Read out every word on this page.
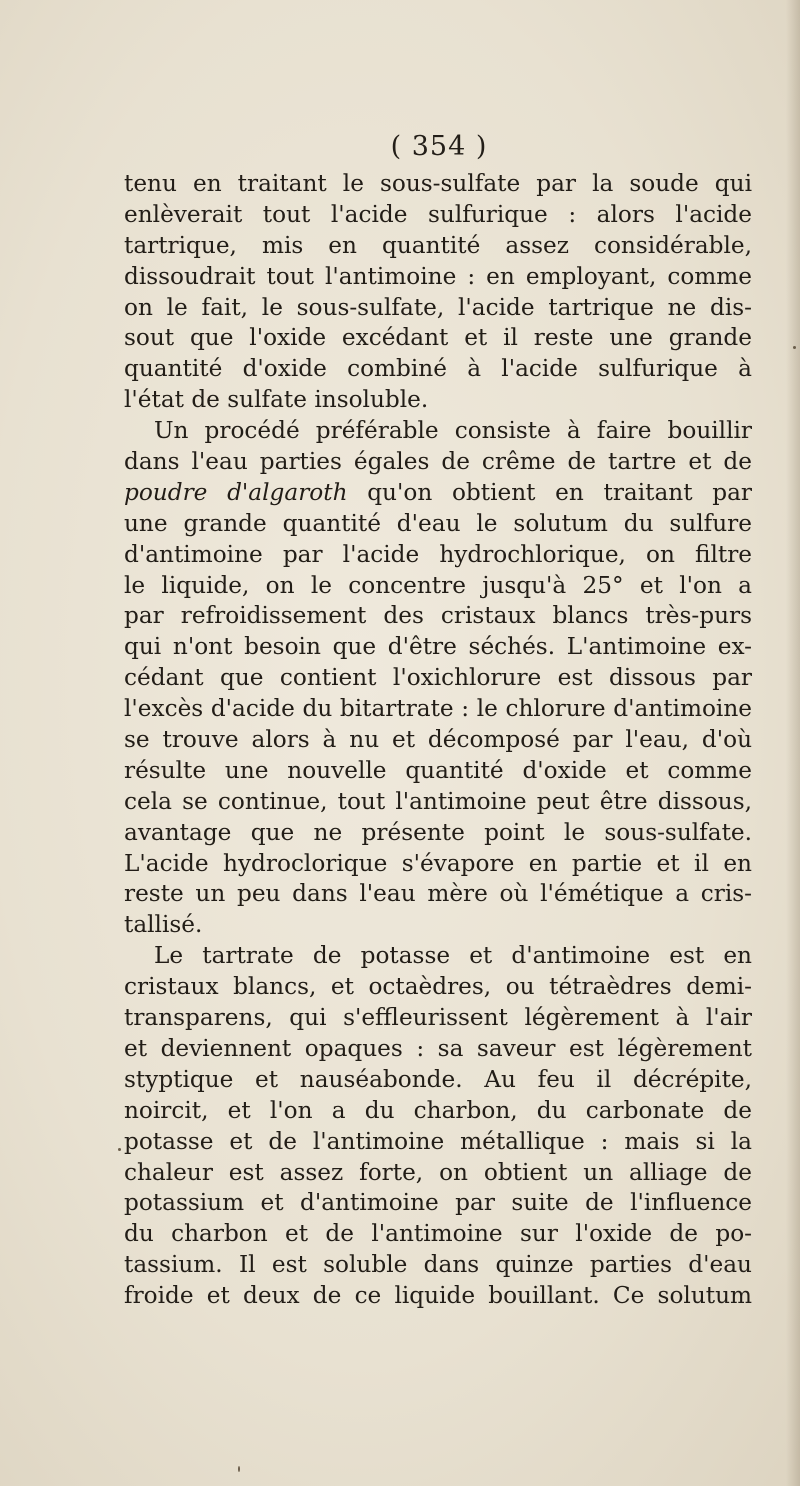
( 354 )
tenu en traitant le sous-sulfate par la soude qui
enlèverait tout l'acide sulfurique : alors l'acide
tartrique, mis en quantité assez considérable,
dissoudrait tout l'antimoine : en employant, comme
on le fait, le sous-sulfate, l'acide tartrique ne dis-
sout que l'oxide excédant et il reste une grande
quantité d'oxide combiné à l'acide sulfurique à
l'état de sulfate insoluble.
Un procédé préférable consiste à faire bouillir
dans l'eau parties égales de crême de tartre et de
poudre d'algaroth qu'on obtient en traitant par
une grande quantité d'eau le solutum du sulfure
d'antimoine par l'acide hydrochlorique, on filtre
le liquide, on le concentre jusqu'à 25° et l'on a
par refroidissement des cristaux blancs très-purs
qui n'ont besoin que d'être séchés. L'antimoine ex-
cédant que contient l'oxichlorure est dissous par
l'excès d'acide du bitartrate : le chlorure d'antimoine
se trouve alors à nu et décomposé par l'eau, d'où
résulte une nouvelle quantité d'oxide et comme
cela se continue, tout l'antimoine peut être dissous,
avantage que ne présente point le sous-sulfate.
L'acide hydroclorique s'évapore en partie et il en
reste un peu dans l'eau mère où l'émétique a cris-
tallisé.
Le tartrate de potasse et d'antimoine est en
cristaux blancs, et octaèdres, ou tétraèdres demi-
transparens, qui s'effleurissent légèrement à l'air
et deviennent opaques : sa saveur est légèrement
styptique et nauséabonde. Au feu il décrépite,
noircit, et l'on a du charbon, du carbonate de
potasse et de l'antimoine métallique : mais si la
chaleur est assez forte, on obtient un alliage de
potassium et d'antimoine par suite de l'influence
du charbon et de l'antimoine sur l'oxide de po-
tassium. Il est soluble dans quinze parties d'eau
froide et deux de ce liquide bouillant. Ce solutum
